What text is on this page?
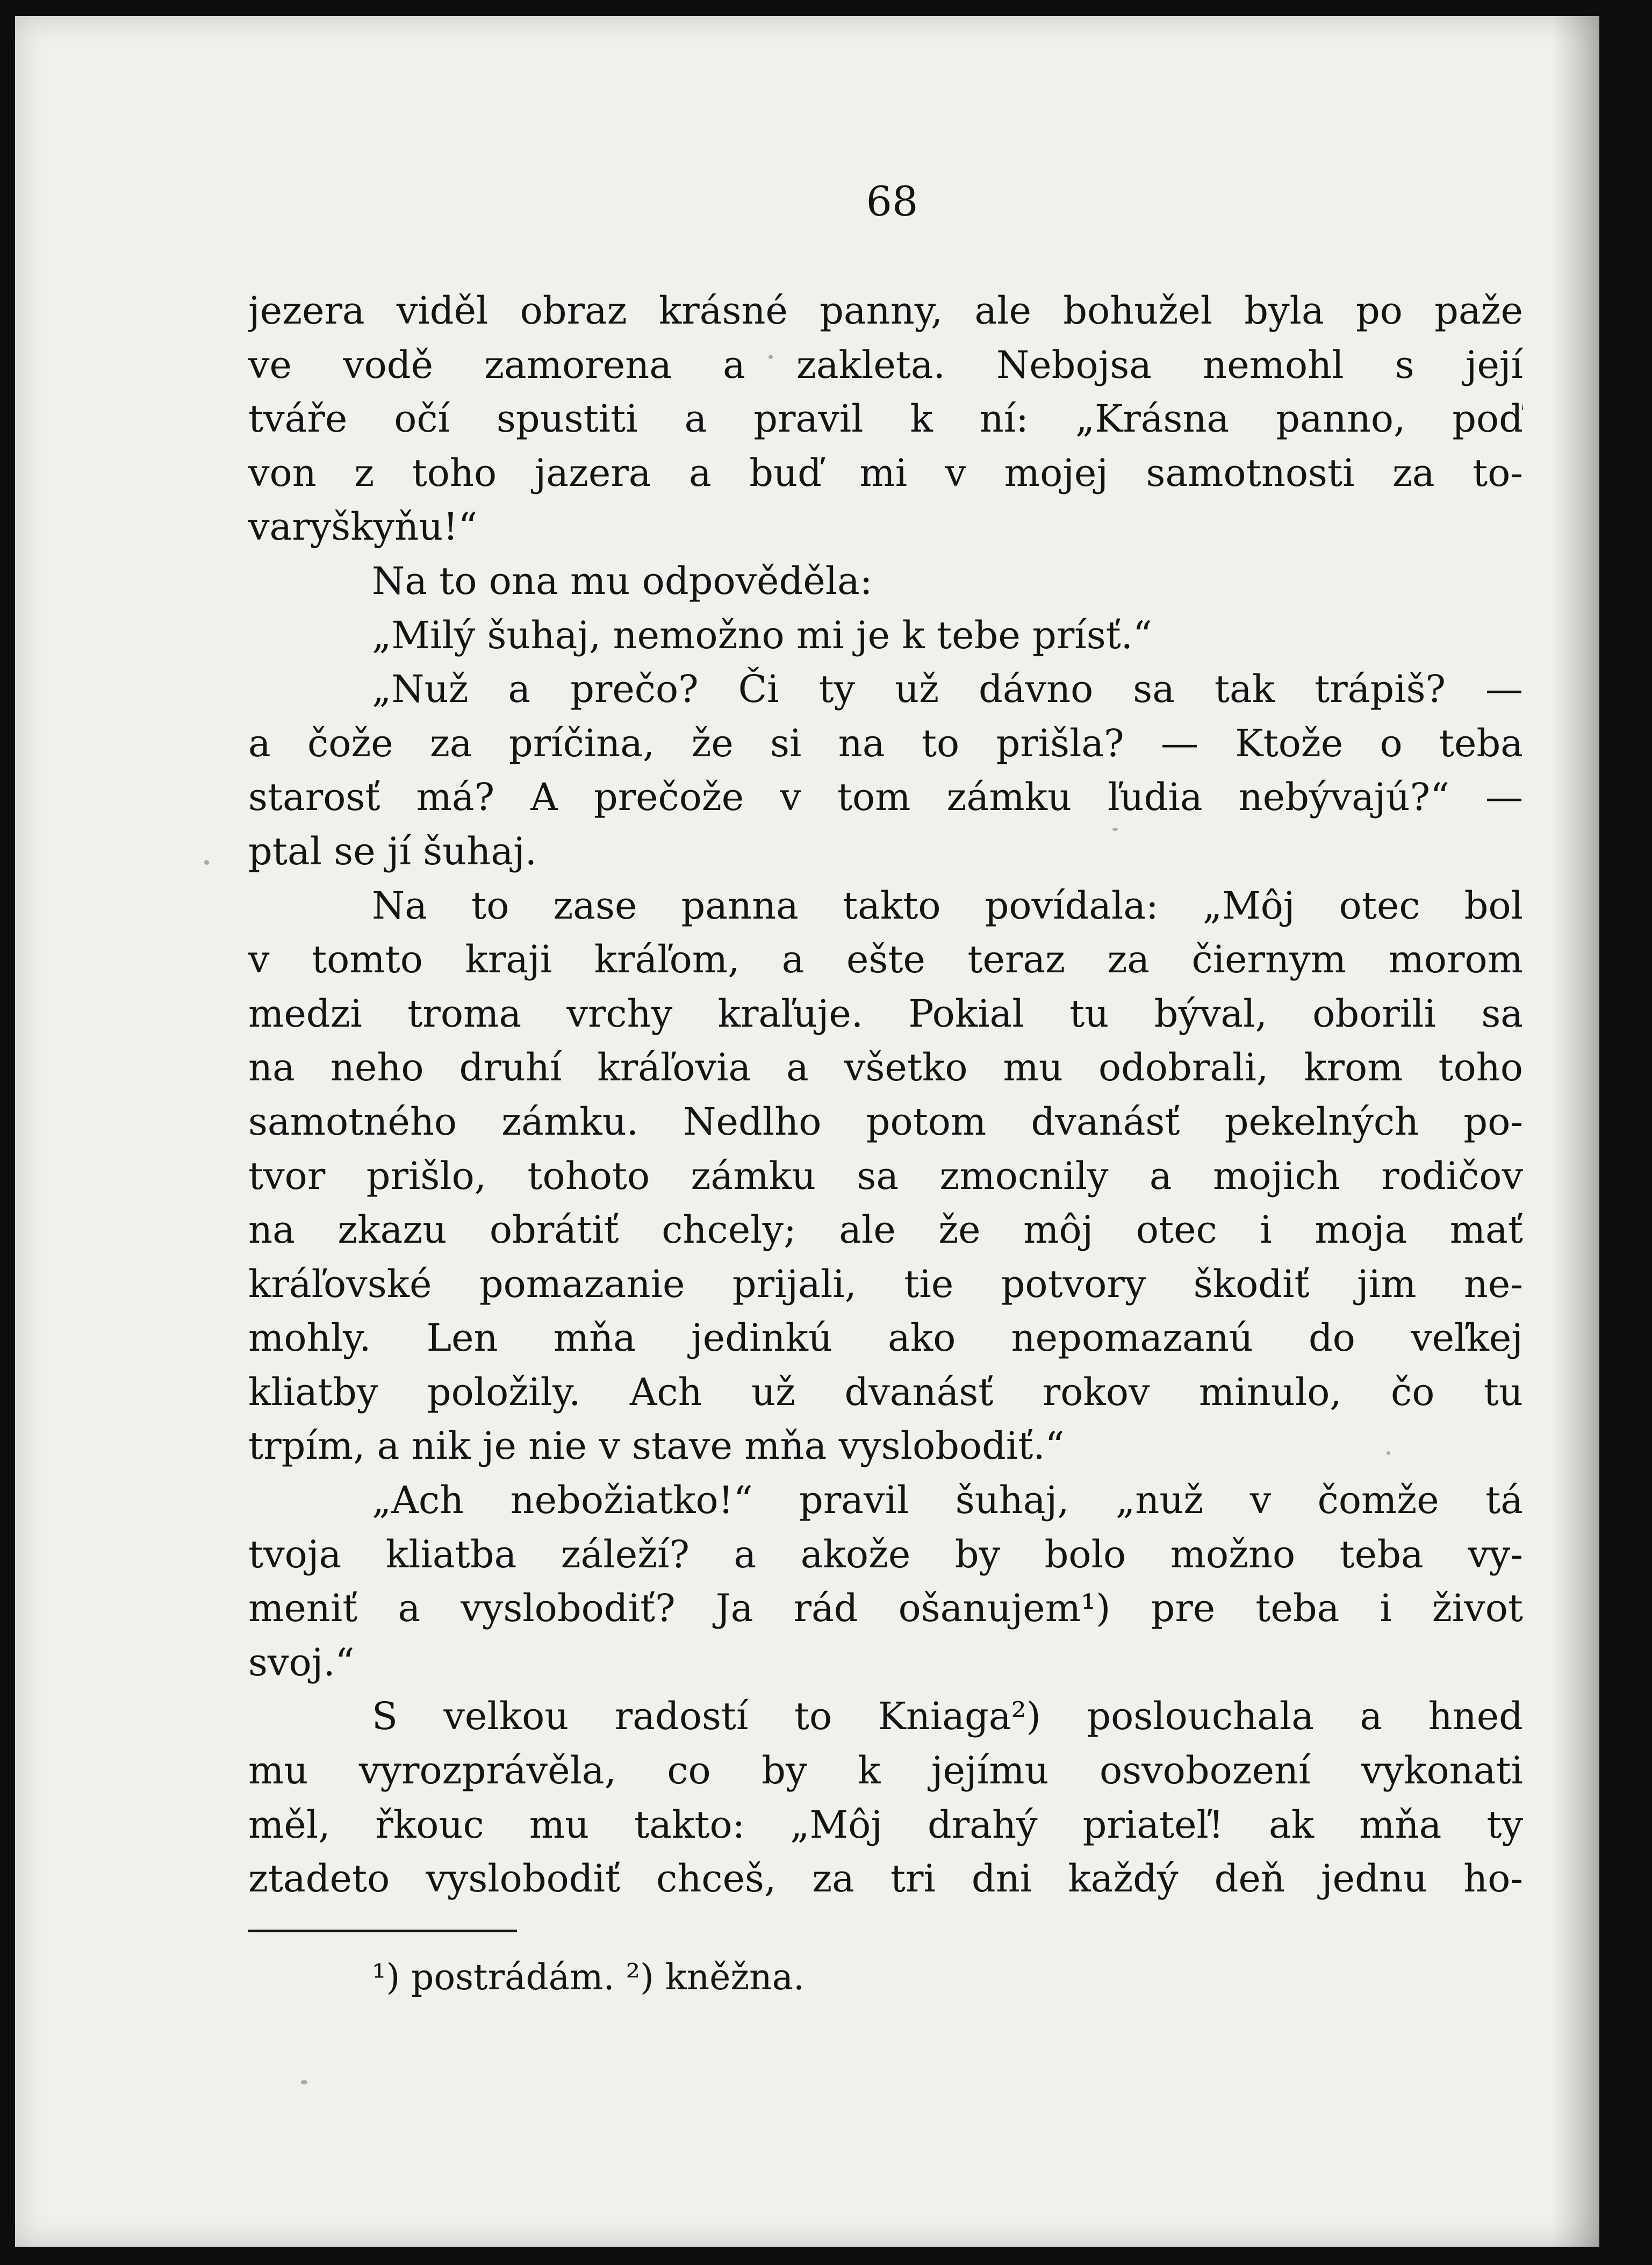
68
jezera viděl obraz krásné panny, ale bohužel byla po paže
ve vodě zamorena a zakleta. Nebojsa nemohl s její
tváře očí spustiti a pravil k ní: „Krásna panno, poď
von z toho jazera a buď mi v mojej samotnosti za to-
varyškyňu!“
Na to ona mu odpověděla:
„Milý šuhaj, nemožno mi je k tebe prísť.“
„Nuž a prečo? Či ty už dávno sa tak trápiš? —
a čože za príčina, že si na to prišla? — Ktože o teba
starosť má? A prečože v tom zámku ľudia nebývajú?“ —
ptal se jí šuhaj.
Na to zase panna takto povídala: „Môj otec bol
v tomto kraji kráľom, a ešte teraz za čiernym morom
medzi troma vrchy kraľuje. Pokial tu býval, oborili sa
na neho druhí kráľovia a všetko mu odobrali, krom toho
samotného zámku. Nedlho potom dvanásť pekelných po-
tvor prišlo, tohoto zámku sa zmocnily a mojich rodičov
na zkazu obrátiť chcely; ale že môj otec i moja mať
kráľovské pomazanie prijali, tie potvory škodiť jim ne-
mohly. Len mňa jedinkú ako nepomazanú do veľkej
kliatby položily. Ach už dvanásť rokov minulo, čo tu
trpím, a nik je nie v stave mňa vyslobodiť.“
„Ach nebožiatko!“ pravil šuhaj, „nuž v čomže tá
tvoja kliatba záleží? a akože by bolo možno teba vy-
meniť a vyslobodiť? Ja rád ošanujem¹) pre teba i život
svoj.“
S velkou radostí to Kniaga²) poslouchala a hned
mu vyrozprávěla, co by k jejímu osvobození vykonati
měl, řkouc mu takto: „Môj drahý priateľ! ak mňa ty
ztadeto vyslobodiť chceš, za tri dni každý deň jednu ho-
¹) postrádám. ²) kněžna.
